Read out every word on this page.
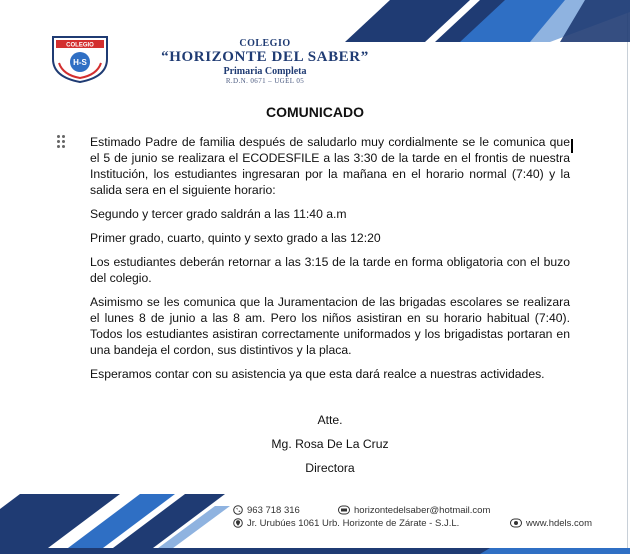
COLEGIO
H-S
COLEGIO
“HORIZONTE DEL SABER”
Primaria Completa
R.D.N. 0671 – UGEL 05
COMUNICADO

Estimado Padre de familia después de saludarlo muy cordialmente se le comunica que el 5 de junio se realizara el ECODESFILE a las 3:30 de la tarde en el frontis de nuestra Institución, los estudiantes ingresaran por la mañana en el horario normal (7:40) y la salida sera en el siguiente horario:

Segundo y tercer grado saldrán a las 11:40 a.m

Primer grado, cuarto, quinto y sexto grado a las 12:20

Los estudiantes deberán retornar a las 3:15 de la tarde en forma obligatoria con el buzo del colegio.

Asimismo se les comunica que la Juramentacion de las brigadas escolares se realizara el lunes 8 de junio a las 8 am. Pero los niños asistiran en su horario habitual (7:40). Todos los estudiantes asistiran correctamente uniformados y los brigadistas portaran en una bandeja el cordon, sus distintivos y la placa.

Esperamos contar con su asistencia ya que esta dará realce a nuestras actividades.

Atte.
Mg. Rosa De La Cruz
Directora
963 718 316	horizontedelsaber@hotmail.com
Jr. Urubúes 1061 Urb. Horizonte de Zárate - S.J.L.	www.hdels.com
